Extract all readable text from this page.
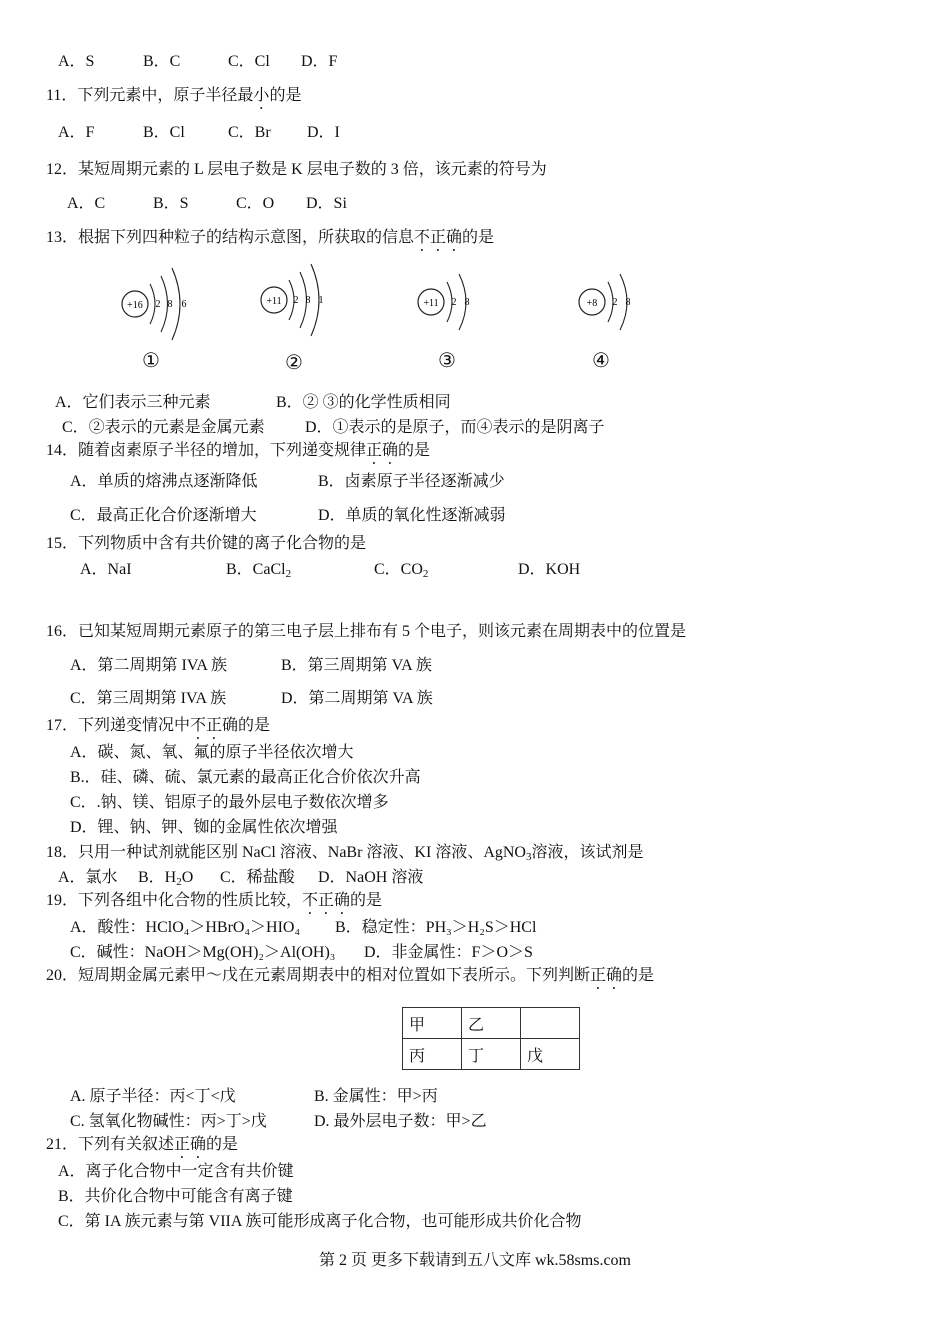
A．S	B．C	C．Cl D．F
11．下列元素中，原子半径最小的是
A．F	B．Cl	C．Br D．I
12．某短周期元素的 L 层电子数是 K 层电子数的 3 倍，该元素的符号为
A．C	B．S	C．O D．Si
13．根据下列四种粒子的结构示意图，所获取的信息不正确的是
+16 2 8 6	+11 2 8 1	+11 2 8	+8 2 8
①	②	③	④
A．它们表示三种元素	B．② ③的化学性质相同
C．②表示的元素是金属元素	D．①表示的是原子，而④表示的是阴离子
14．随着卤素原子半径的增加，下列递变规律正确的是
A．单质的熔沸点逐渐降低	B．卤素原子半径逐渐减少
C．最高正化合价逐渐增大	D．单质的氧化性逐渐减弱
15．下列物质中含有共价键的离子化合物的是
A．NaI	B．CaCl$_2$	C．$CO_2$	D．KOH
16．已知某短周期元素原子的第三电子层上排布有 5 个电子，则该元素在周期表中的位置是
A．第二周期第 IVA 族	B．第三周期第 VA 族
C．第三周期第 IVA 族	D．第二周期第 VA 族
17．下列递变情况中不正确的是
A．碳、氮、氧、氟的原子半径依次增大
B.．硅、磷、硫、氯元素的最高正化合价依次升高
C．.钠、镁、铝原子的最外层电子数依次增多
D．锂、钠、钾、铷的金属性依次增强
18．只用一种试剂就能区别 NaCl 溶液、NaBr 溶液、KI 溶液、AgNO$_3$溶液，该试剂是
A．氯水 B．$H_2O$ C．稀盐酸 D．NaOH 溶液
19．下列各组中化合物的性质比较，不正确的是
A．酸性：HClO₄＞HBrO₄＞HIO₄ B．稳定性：PH₃＞H₂S＞HCl
C．碱性：NaOH＞Mg(OH)₂＞Al(OH)₃ D．非金属性：F＞O＞S
20．短周期金属元素甲～戊在元素周期表中的相对位置如下表所示。下列判断正确的是
甲	乙	
丙	丁	戊
A. 原子半径：丙<丁<戊	B. 金属性：甲>丙
C. 氢氧化物碱性：丙>丁>戊	D. 最外层电子数：甲>乙
21．下列有关叙述正确的是
A．离子化合物中一定含有共价键
B．共价化合物中可能含有离子键
C．第 IA 族元素与第 VIIA 族可能形成离子化合物，也可能形成共价化合物
第 2 页 更多下载请到五八文库 wk.58sms.com
